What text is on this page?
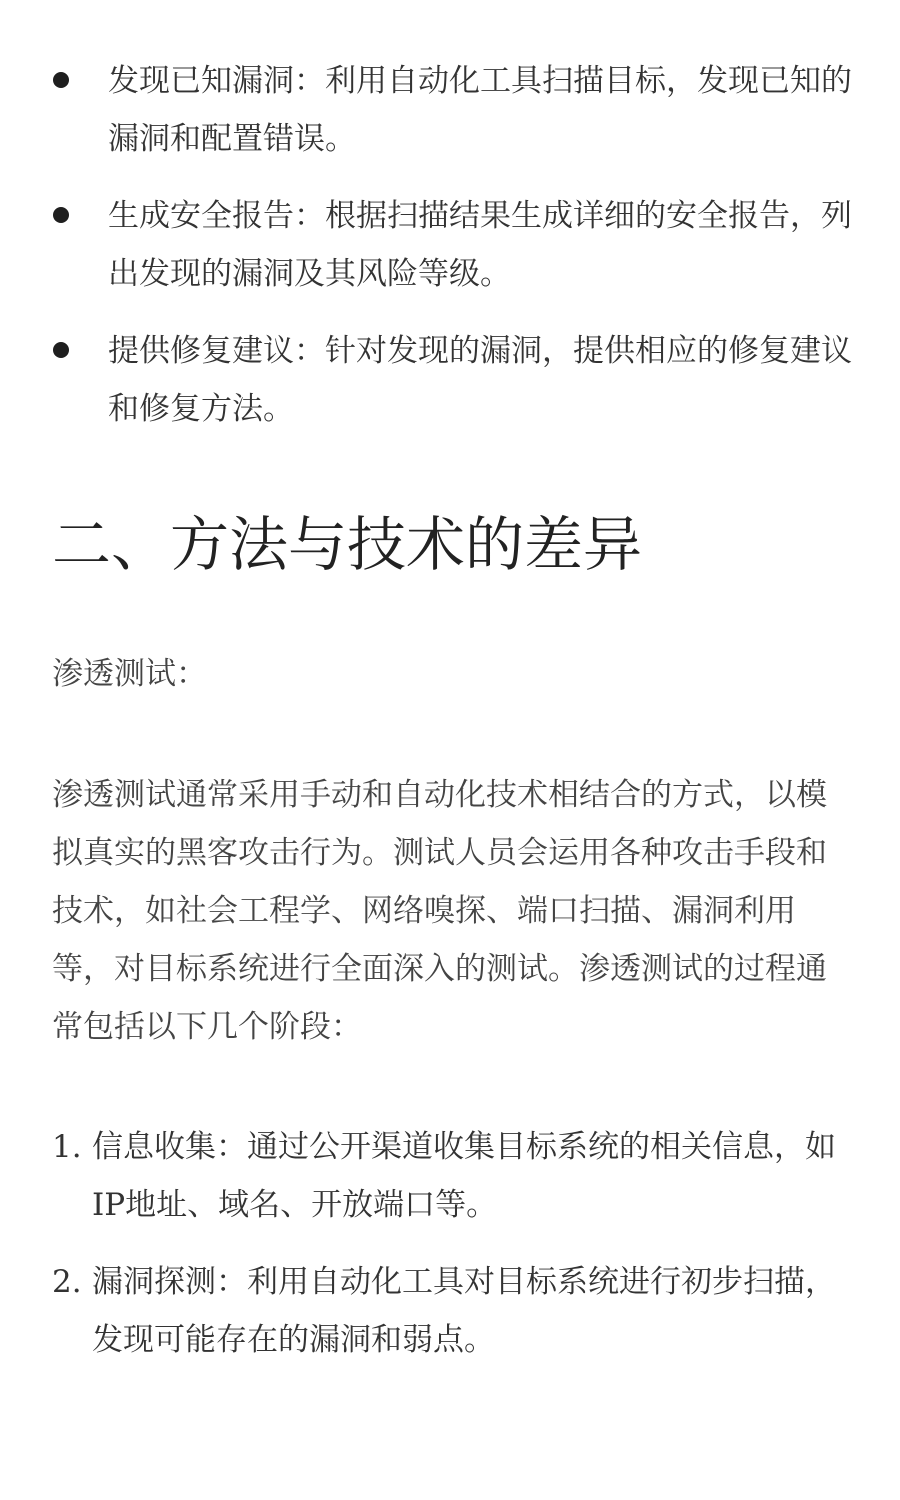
发现已知漏洞：利用自动化工具扫描目标，发现已知的漏洞和配置错误。
生成安全报告：根据扫描结果生成详细的安全报告，列出发现的漏洞及其风险等级。
提供修复建议：针对发现的漏洞，提供相应的修复建议和修复方法。
二、方法与技术的差异

渗透测试：

渗透测试通常采用手动和自动化技术相结合的方式，以模拟真实的黑客攻击行为。测试人员会运用各种攻击手段和技术，如社会工程学、网络嗅探、端口扫描、漏洞利用等，对目标系统进行全面深入的测试。渗透测试的过程通常包括以下几个阶段：

1. 信息收集：通过公开渠道收集目标系统的相关信息，如IP地址、域名、开放端口等。
2. 漏洞探测：利用自动化工具对目标系统进行初步扫描，发现可能存在的漏洞和弱点。
